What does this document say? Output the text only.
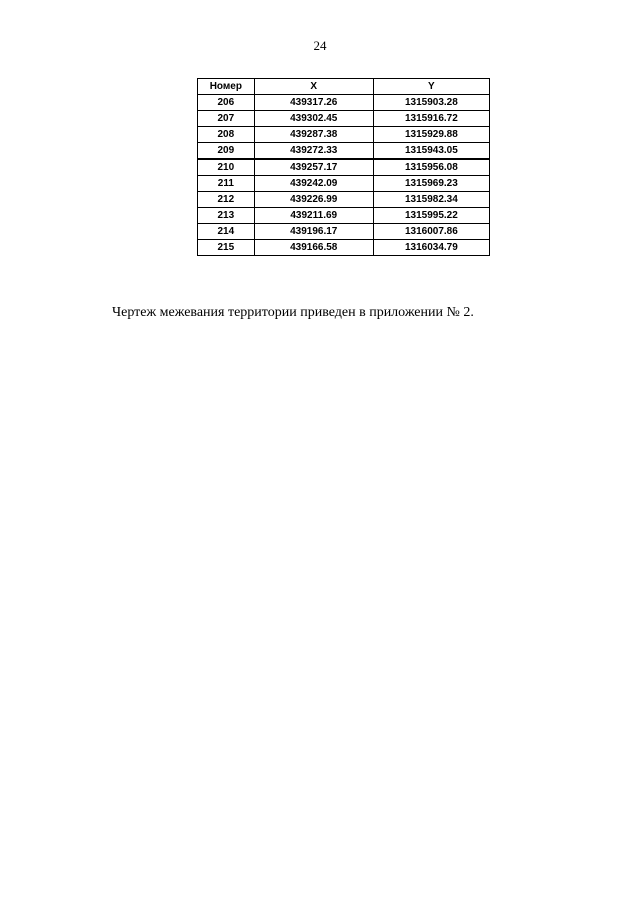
24
Номер	X	Y
206	439317.26	1315903.28
207	439302.45	1315916.72
208	439287.38	1315929.88
209	439272.33	1315943.05
210	439257.17	1315956.08
211	439242.09	1315969.23
212	439226.99	1315982.34
213	439211.69	1315995.22
214	439196.17	1316007.86
215	439166.58	1316034.79
Чертеж межевания территории приведен в приложении № 2.
